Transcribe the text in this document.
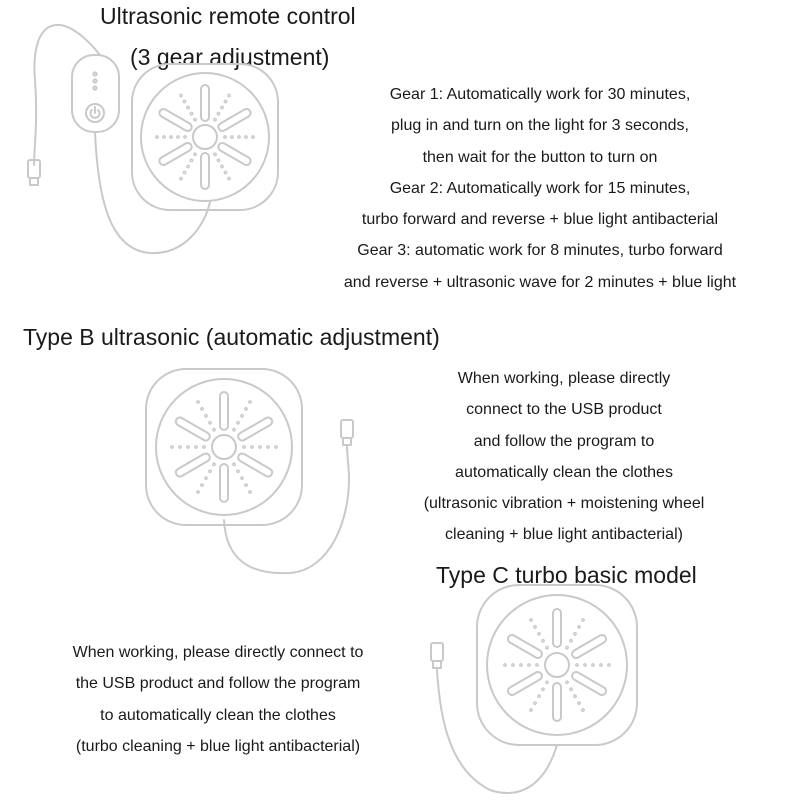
Ultrasonic remote control
(3 gear adjustment)
Gear 1: Automatically work for 30 minutes,
plug in and turn on the light for 3 seconds,
then wait for the button to turn on
Gear 2: Automatically work for 15 minutes,
turbo forward and reverse + blue light antibacterial
Gear 3: automatic work for 8 minutes, turbo forward
and reverse + ultrasonic wave for 2 minutes + blue light
Type B ultrasonic (automatic adjustment)
When working, please directly
connect to the USB product
and follow the program to
automatically clean the clothes
(ultrasonic vibration + moistening wheel
cleaning + blue light antibacterial)
Type C turbo basic model
When working, please directly connect to
the USB product and follow the program
to automatically clean the clothes
(turbo cleaning + blue light antibacterial)
